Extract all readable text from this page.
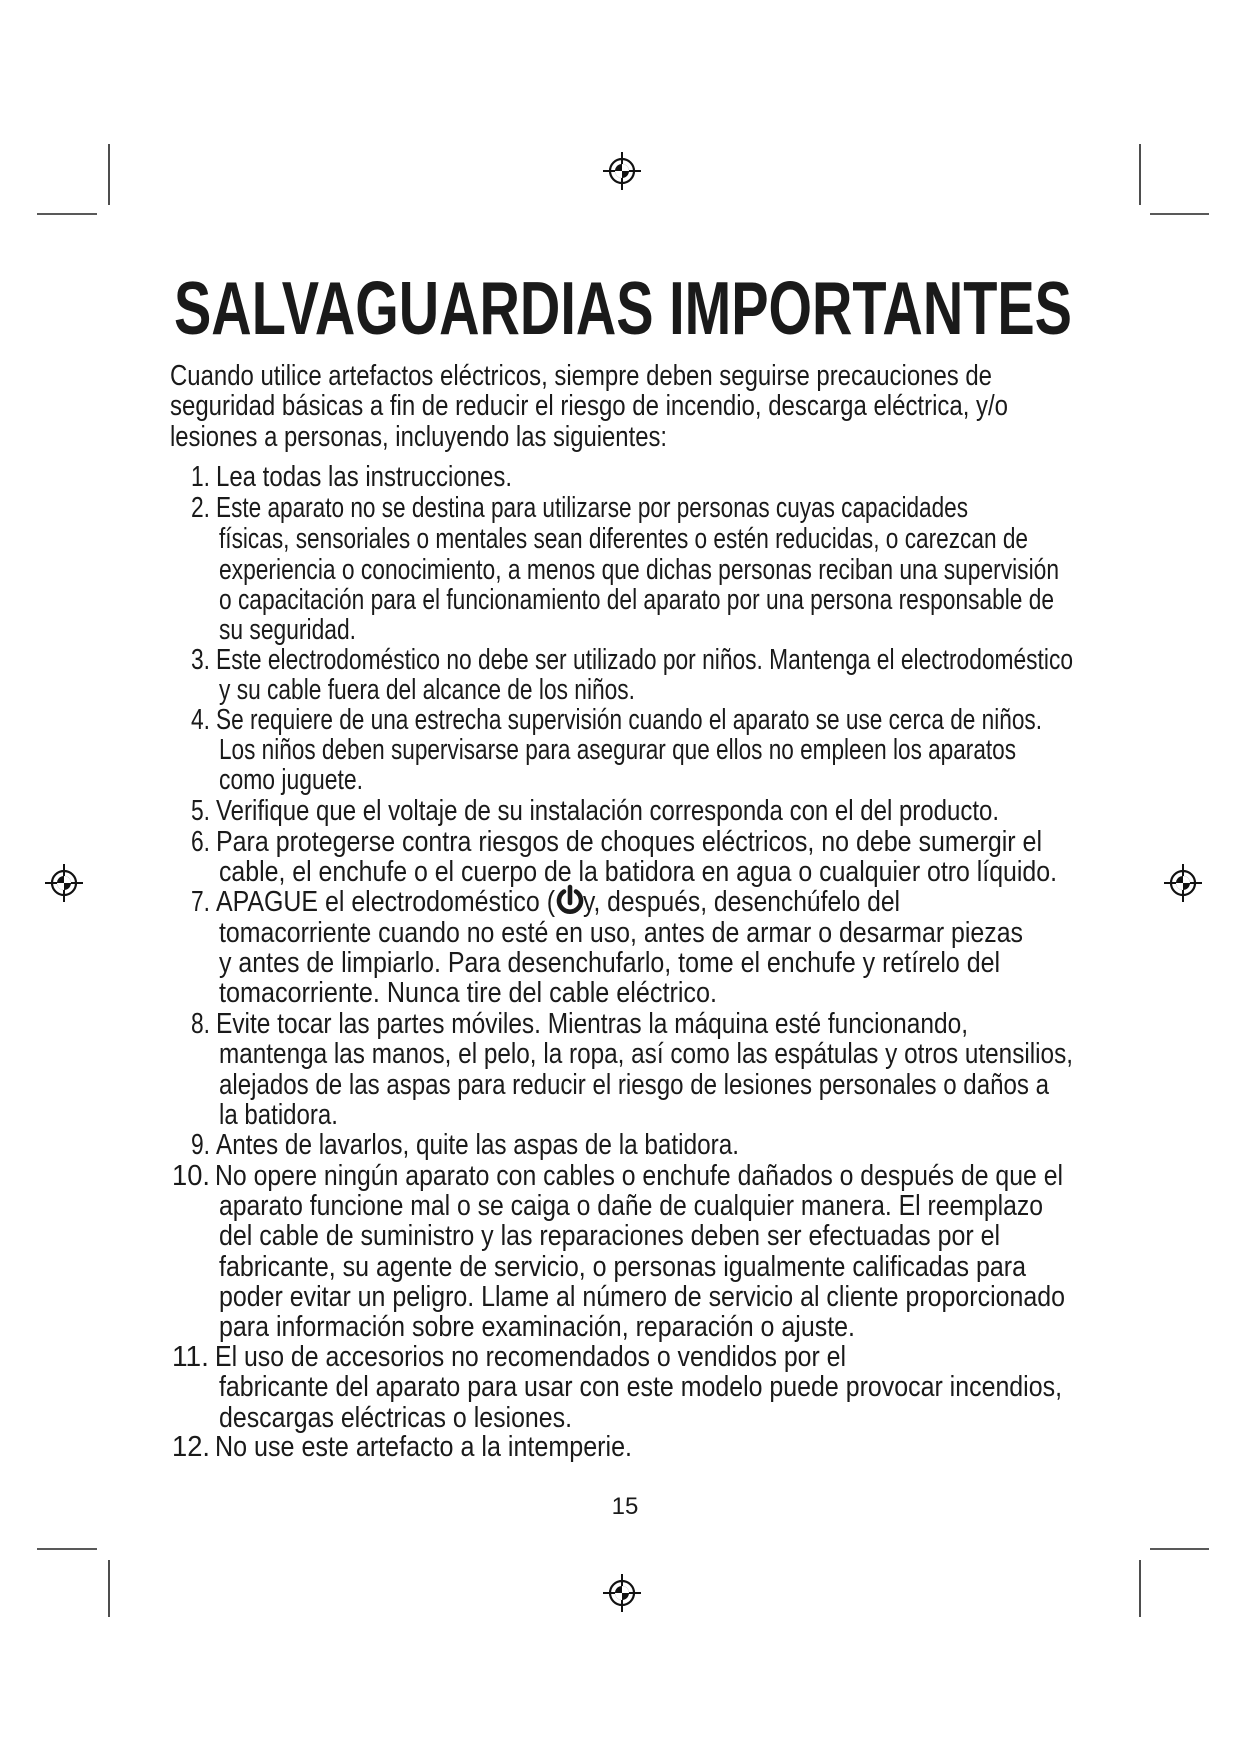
SALVAGUARDIAS IMPORTANTES
Cuando utilice artefactos eléctricos, siempre deben seguirse precauciones de
seguridad básicas a fin de reducir el riesgo de incendio, descarga eléctrica, y/o
lesiones a personas, incluyendo las siguientes:
1. Lea todas las instrucciones.
2. Este aparato no se destina para utilizarse por personas cuyas capacidades
físicas, sensoriales o mentales sean diferentes o estén reducidas, o carezcan de
experiencia o conocimiento, a menos que dichas personas reciban una supervisión
o capacitación para el funcionamiento del aparato por una persona responsable de
su seguridad.
3. Este electrodoméstico no debe ser utilizado por niños. Mantenga el electrodoméstico
y su cable fuera del alcance de los niños.
4. Se requiere de una estrecha supervisión cuando el aparato se use cerca de niños.
Los niños deben supervisarse para asegurar que ellos no empleen los aparatos
como juguete.
5. Verifique que el voltaje de su instalación corresponda con el del producto.
6. Para protegerse contra riesgos de choques eléctricos, no debe sumergir el
cable, el enchufe o el cuerpo de la batidora en agua o cualquier otro líquido.
7. APAGUE el electrodoméstico ( y, después, desenchúfelo del
tomacorriente cuando no esté en uso, antes de armar o desarmar piezas
y antes de limpiarlo. Para desenchufarlo, tome el enchufe y retírelo del
tomacorriente. Nunca tire del cable eléctrico.
8. Evite tocar las partes móviles. Mientras la máquina esté funcionando,
mantenga las manos, el pelo, la ropa, así como las espátulas y otros utensilios,
alejados de las aspas para reducir el riesgo de lesiones personales o daños a
la batidora.
9. Antes de lavarlos, quite las aspas de la batidora.
10. No opere ningún aparato con cables o enchufe dañados o después de que el
aparato funcione mal o se caiga o dañe de cualquier manera. El reemplazo
del cable de suministro y las reparaciones deben ser efectuadas por el
fabricante, su agente de servicio, o personas igualmente calificadas para
poder evitar un peligro. Llame al número de servicio al cliente proporcionado
para información sobre examinación, reparación o ajuste.
11. El uso de accesorios no recomendados o vendidos por el
fabricante del aparato para usar con este modelo puede provocar incendios,
descargas eléctricas o lesiones.
12. No use este artefacto a la intemperie.
15
